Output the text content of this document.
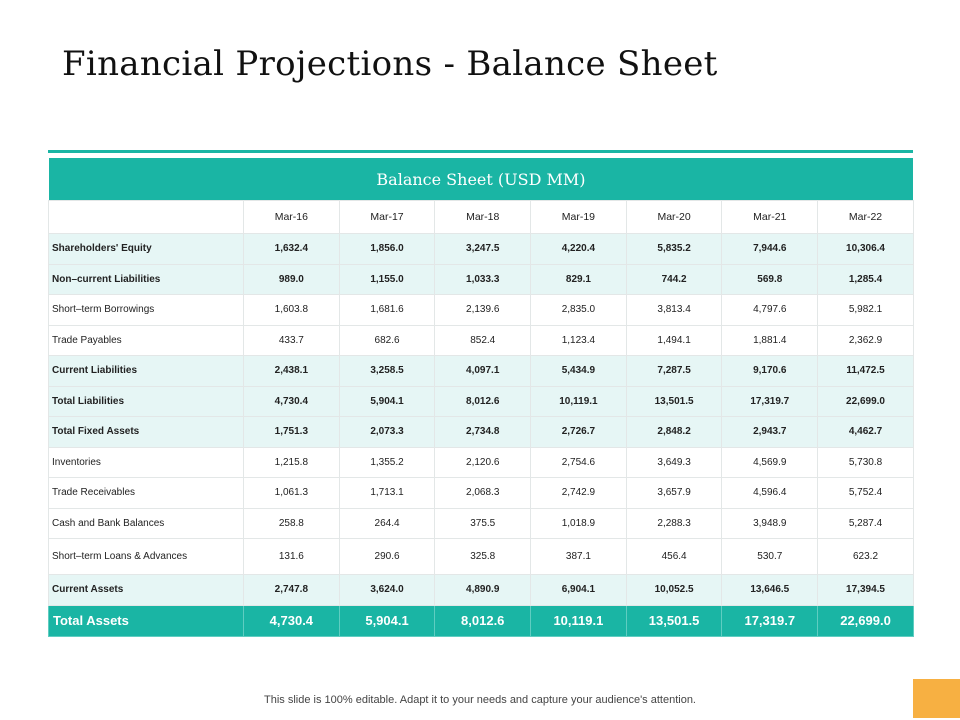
Financial Projections - Balance Sheet
Balance Sheet (USD MM)							
	Mar-16	Mar-17	Mar-18	Mar-19	Mar-20	Mar-21	Mar-22
Shareholders' Equity	1,632.4	1,856.0	3,247.5	4,220.4	5,835.2	7,944.6	10,306.4
Non–current Liabilities	989.0	1,155.0	1,033.3	829.1	744.2	569.8	1,285.4
Short–term Borrowings	1,603.8	1,681.6	2,139.6	2,835.0	3,813.4	4,797.6	5,982.1
Trade Payables	433.7	682.6	852.4	1,123.4	1,494.1	1,881.4	2,362.9
Current Liabilities	2,438.1	3,258.5	4,097.1	5,434.9	7,287.5	9,170.6	11,472.5
Total Liabilities	4,730.4	5,904.1	8,012.6	10,119.1	13,501.5	17,319.7	22,699.0
Total Fixed Assets	1,751.3	2,073.3	2,734.8	2,726.7	2,848.2	2,943.7	4,462.7
Inventories	1,215.8	1,355.2	2,120.6	2,754.6	3,649.3	4,569.9	5,730.8
Trade Receivables	1,061.3	1,713.1	2,068.3	2,742.9	3,657.9	4,596.4	5,752.4
Cash and Bank Balances	258.8	264.4	375.5	1,018.9	2,288.3	3,948.9	5,287.4
Short–term Loans & Advances	131.6	290.6	325.8	387.1	456.4	530.7	623.2
Current Assets	2,747.8	3,624.0	4,890.9	6,904.1	10,052.5	13,646.5	17,394.5
Total Assets	4,730.4	5,904.1	8,012.6	10,119.1	13,501.5	17,319.7	22,699.0
This slide is 100% editable. Adapt it to your needs and capture your audience's attention.
